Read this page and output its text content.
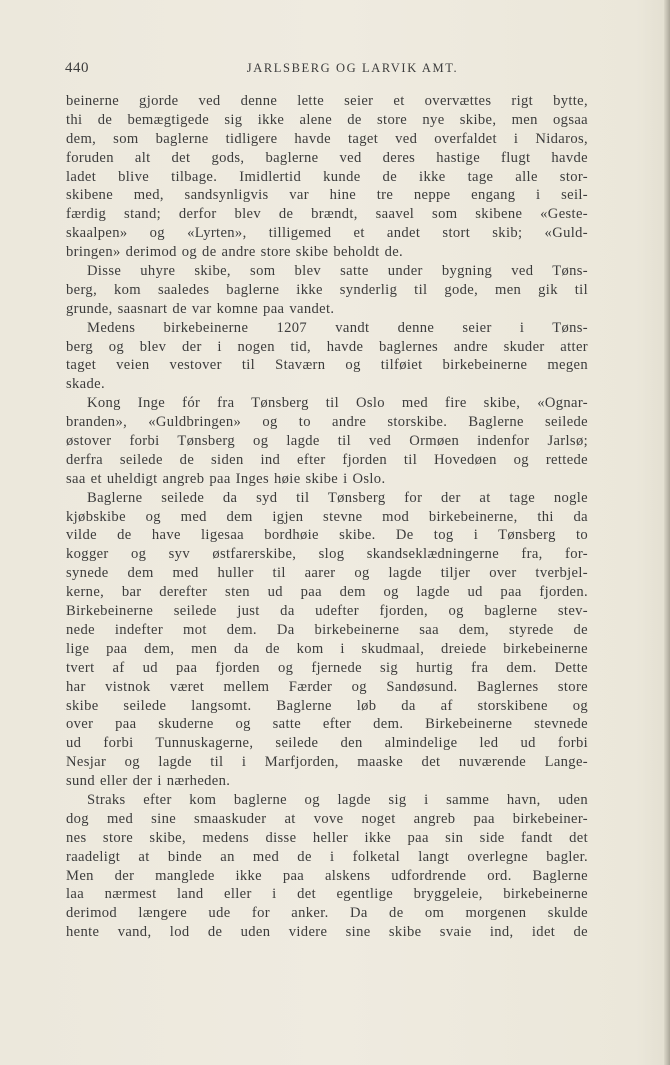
440	JARLSBERG OG LARVIK AMT.
beinerne gjorde ved denne lette seier et overvættes rigt bytte,
thi de bemægtigede sig ikke alene de store nye skibe, men ogsaa
dem, som baglerne tidligere havde taget ved overfaldet i Nidaros,
foruden alt det gods, baglerne ved deres hastige flugt havde
ladet blive tilbage. Imidlertid kunde de ikke tage alle stor-
skibene med, sandsynligvis var hine tre neppe engang i seil-
færdig stand; derfor blev de brændt, saavel som skibene «Geste-
skaalpen» og «Lyrten», tilligemed et andet stort skib; «Guld-
bringen» derimod og de andre store skibe beholdt de.
Disse uhyre skibe, som blev satte under bygning ved Tøns-
berg, kom saaledes baglerne ikke synderlig til gode, men gik til
grunde, saasnart de var komne paa vandet.
Medens birkebeinerne 1207 vandt denne seier i Tøns-
berg og blev der i nogen tid, havde baglernes andre skuder atter
taget veien vestover til Staværn og tilføiet birkebeinerne megen
skade.
Kong Inge fór fra Tønsberg til Oslo med fire skibe, «Ognar-
branden», «Guldbringen» og to andre storskibe. Baglerne seilede
østover forbi Tønsberg og lagde til ved Ormøen indenfor Jarlsø;
derfra seilede de siden ind efter fjorden til Hovedøen og rettede
saa et uheldigt angreb paa Inges høie skibe i Oslo.
Baglerne seilede da syd til Tønsberg for der at tage nogle
kjøbskibe og med dem igjen stevne mod birkebeinerne, thi da
vilde de have ligesaa bordhøie skibe. De tog i Tønsberg to
kogger og syv østfarerskibe, slog skandseklædningerne fra, for-
synede dem med huller til aarer og lagde tiljer over tverbjel-
kerne, bar derefter sten ud paa dem og lagde ud paa fjorden.
Birkebeinerne seilede just da udefter fjorden, og baglerne stev-
nede indefter mot dem. Da birkebeinerne saa dem, styrede de
lige paa dem, men da de kom i skudmaal, dreiede birkebeinerne
tvert af ud paa fjorden og fjernede sig hurtig fra dem. Dette
har vistnok været mellem Færder og Sandøsund. Baglernes store
skibe seilede langsomt. Baglerne løb da af storskibene og
over paa skuderne og satte efter dem. Birkebeinerne stevnede
ud forbi Tunnuskagerne, seilede den almindelige led ud forbi
Nesjar og lagde til i Marfjorden, maaske det nuværende Lange-
sund eller der i nærheden.
Straks efter kom baglerne og lagde sig i samme havn, uden
dog med sine smaaskuder at vove noget angreb paa birkebeiner-
nes store skibe, medens disse heller ikke paa sin side fandt det
raadeligt at binde an med de i folketal langt overlegne bagler.
Men der manglede ikke paa alskens udfordrende ord. Baglerne
laa nærmest land eller i det egentlige bryggeleie, birkebeinerne
derimod længere ude for anker. Da de om morgenen skulde
hente vand, lod de uden videre sine skibe svaie ind, idet de
